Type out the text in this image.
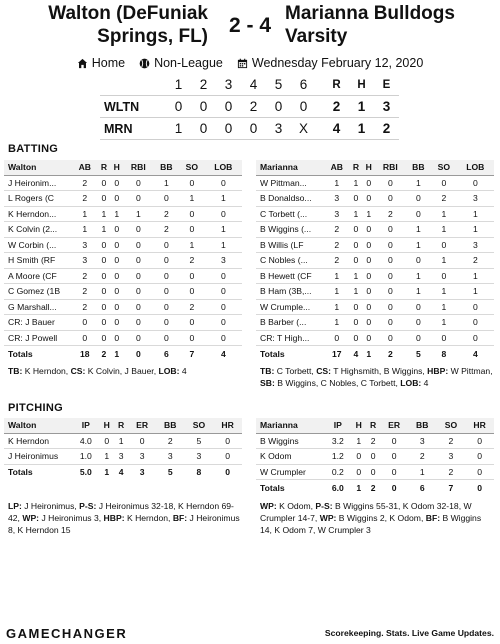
Walton (DeFuniak
Springs, FL) 2 - 4
Marianna Bulldogs
Varsity
Home Non-League Wednesday February 12, 2020
1	2	3	4	5	6	R	H	E
WLTN	0	0	0	2	0	0	2	1	3
MRN	1	0	0	0	3	X	4	1	2
BATTING
Walton	AB	R	H	RBI	BB	SO	LOB
J Heironim...	2	0	0	0	1	0	0
L Rogers (C	2	0	0	0	0	1	1
K Herndon...	1	1	1	1	2	0	0
K Colvin (2...	1	1	0	0	2	0	1
W Corbin (...	3	0	0	0	0	1	1
H Smith (RF	3	0	0	0	0	2	3
A Moore (CF	2	0	0	0	0	0	0
C Gomez (1B	2	0	0	0	0	0	0
G Marshall...	2	0	0	0	0	2	0
CR: J Bauer	0	0	0	0	0	0	0
CR: J Powell	0	0	0	0	0	0	0
Totals	18	2	1	0	6	7	4
Marianna	AB	R	H	RBI	BB	SO	LOB
W Pittman...	1	1	0	0	1	0	0
B Donaldso...	3	0	0	0	0	2	3
C Torbett (...	3	1	1	2	0	1	1
B Wiggins (...	2	0	0	0	1	1	1
B Willis (LF	2	0	0	0	1	0	3
C Nobles (...	2	0	0	0	0	1	2
B Hewett (CF	1	1	0	0	1	0	1
B Ham (3B,...	1	1	0	0	1	1	1
W Crumple...	1	0	0	0	0	1	0
B Barber (...	1	0	0	0	0	1	0
CR: T High...	0	0	0	0	0	0	0
Totals	17	4	1	2	5	8	4
TB: K Herndon, CS: K Colvin, J Bauer, LOB: 4	TB: C Torbett, CS: T Highsmith, B Wiggins, HBP: W Pittman, SB: B Wiggins, C Nobles, C Torbett, LOB: 4
PITCHING
Walton	IP	H	R	ER	BB	SO	HR
K Herndon	4.0	0	1	0	2	5	0
J Heironimus	1.0	1	3	3	3	3	0
Totals	5.0	1	4	3	5	8	0
Marianna	IP	H	R	ER	BB	SO	HR
B Wiggins	3.2	1	2	0	3	2	0
K Odom	1.2	0	0	0	2	3	0
W Crumpler	0.2	0	0	0	1	2	0
Totals	6.0	1	2	0	6	7	0
LP: J Heironimus, P-S: J Heironimus 32-18, K Herndon 69-42, WP: J Heironimus 3, HBP: K Herndon, BF: J Heironimus 8, K Herndon 15
WP: K Odom, P-S: B Wiggins 55-31, K Odom 32-18, W Crumpler 14-7, WP: B Wiggins 2, K Odom, BF: B Wiggins 14, K Odom 7, W Crumpler 3
GAMECHANGER	Scorekeeping. Stats. Live Game Updates.
